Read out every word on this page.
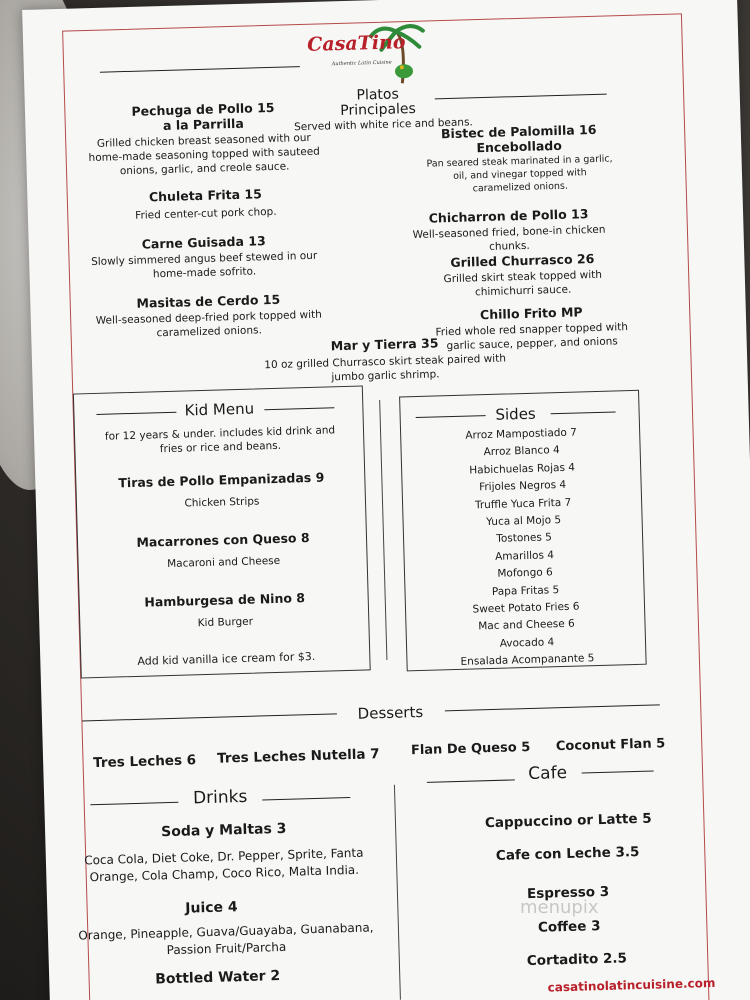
CasaTino
Authentic Latin Cuisine
Platos
Principales
Served with white rice and beans.
Pechuga de Pollo 15
a la Parrilla
Grilled chicken breast seasoned with our home-made seasoning topped with sauteed onions, garlic, and creole sauce.
Chuleta Frita 15
Fried center-cut pork chop.
Carne Guisada 13
Slowly simmered angus beef stewed in our home-made sofrito.
Masitas de Cerdo 15
Well-seasoned deep-fried pork topped with caramelized onions.
Bistec de Palomilla 16
Encebollado
Pan seared steak marinated in a garlic, oil, and vinegar topped with caramelized onions.
Chicharron de Pollo 13
Well-seasoned fried, bone-in chicken chunks.
Grilled Churrasco 26
Grilled skirt steak topped with chimichurri sauce.
Chillo Frito MP
Fried whole red snapper topped with garlic sauce, pepper, and onions
Mar y Tierra 35
10 oz grilled Churrasco skirt steak paired with jumbo garlic shrimp.
Kid Menu
for 12 years & under. includes kid drink and fries or rice and beans.
Tiras de Pollo Empanizadas 9
Chicken Strips
Macarrones con Queso 8
Macaroni and Cheese
Hamburgesa de Nino 8
Kid Burger
Add kid vanilla ice cream for $3.
Sides
Arroz Mampostiado 7
Arroz Blanco 4
Habichuelas Rojas 4
Frijoles Negros 4
Truffle Yuca Frita 7
Yuca al Mojo 5
Tostones 5
Amarillos 4
Mofongo 6
Papa Fritas 5
Sweet Potato Fries 6
Mac and Cheese 6
Avocado 4
Ensalada Acompanante 5
Desserts
Tres Leches 6 Tres Leches Nutella 7 Flan De Queso 5 Coconut Flan 5
Drinks
Soda y Maltas 3
Coca Cola, Diet Coke, Dr. Pepper, Sprite, Fanta Orange, Cola Champ, Coco Rico, Malta India.
Juice 4
Orange, Pineapple, Guava/Guayaba, Guanabana, Passion Fruit/Parcha
Bottled Water 2
Cafe
Cappuccino or Latte 5
Cafe con Leche 3.5
Espresso 3
Coffee 3
Cortadito 2.5
casatinolatincuisine.com
menupix
